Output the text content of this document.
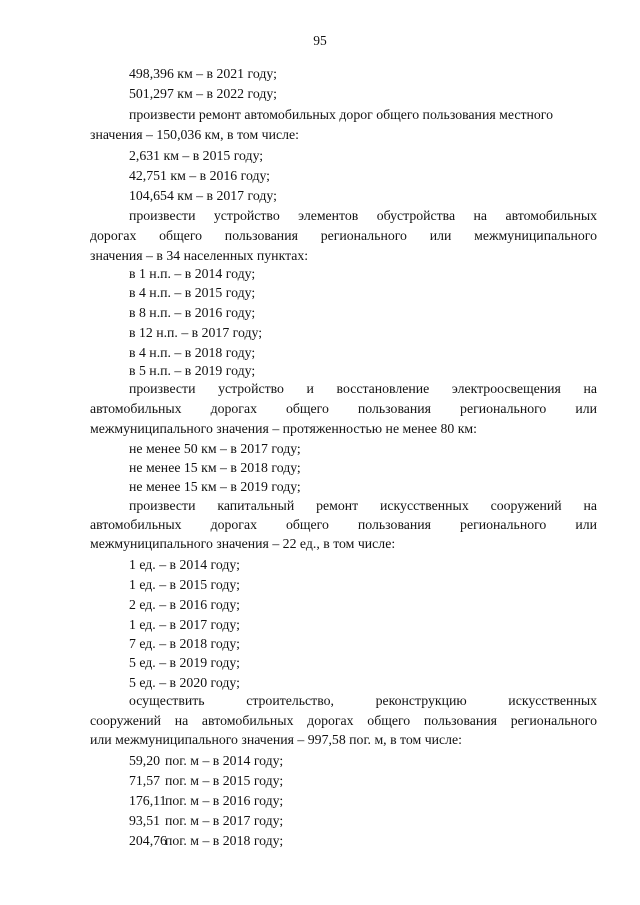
95
498,396 км – в 2021 году;
501,297 км – в 2022 году;
произвести ремонт автомобильных дорог общего пользования местного
значения – 150,036 км, в том числе:
2,631 км – в 2015 году;
42,751 км – в 2016 году;
104,654 км – в 2017 году;
произвести устройство элементов обустройства на автомобильных
дорогах общего пользования регионального или межмуниципального
значения – в 34 населенных пунктах:
в 1 н.п. – в 2014 году;
в 4 н.п. – в 2015 году;
в 8 н.п. – в 2016 году;
в 12 н.п. – в 2017 году;
в 4 н.п. – в 2018 году;
в 5 н.п. – в 2019 году;
произвести устройство и восстановление электроосвещения на
автомобильных дорогах общего пользования регионального или
межмуниципального значения – протяженностью не менее 80 км:
не менее 50 км – в 2017 году;
не менее 15 км – в 2018 году;
не менее 15 км – в 2019 году;
произвести капитальный ремонт искусственных сооружений на
автомобильных дорогах общего пользования регионального или
межмуниципального значения – 22 ед., в том числе:
1 ед. – в 2014 году;
1 ед. – в 2015 году;
2 ед. – в 2016 году;
1 ед. – в 2017 году;
7 ед. – в 2018 году;
5 ед. – в 2019 году;
5 ед. – в 2020 году;
осуществить строительство, реконструкцию искусственных
сооружений на автомобильных дорогах общего пользования регионального
или межмуниципального значения – 997,58 пог. м, в том числе:
59,20 пог. м – в 2014 году;
71,57 пог. м – в 2015 году;
176,11пог. м – в 2016 году;
93,51 пог. м – в 2017 году;
204,76пог. м – в 2018 году;
